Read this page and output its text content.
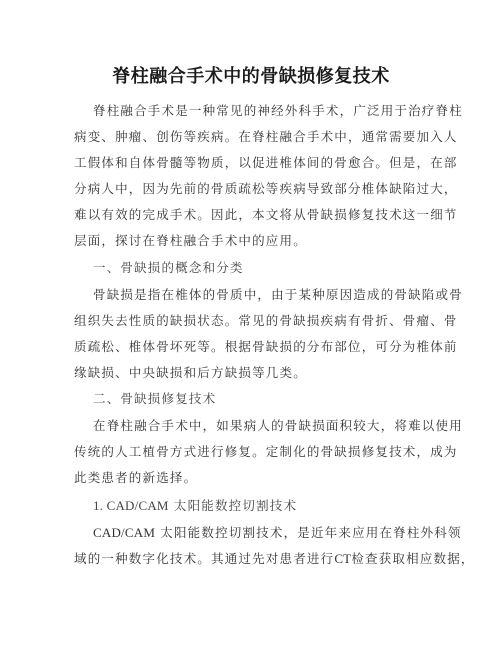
脊柱融合手术中的骨缺损修复技术
脊柱融合手术是一种常见的神经外科手术，广泛用于治疗脊柱
病变、肿瘤、创伤等疾病。在脊柱融合手术中，通常需要加入人
工假体和自体骨髓等物质，以促进椎体间的骨愈合。但是，在部
分病人中，因为先前的骨质疏松等疾病导致部分椎体缺陷过大，
难以有效的完成手术。因此，本文将从骨缺损修复技术这一细节
层面，探讨在脊柱融合手术中的应用。
一、骨缺损的概念和分类
骨缺损是指在椎体的骨质中，由于某种原因造成的骨缺陷或骨
组织失去性质的缺损状态。常见的骨缺损疾病有骨折、骨瘤、骨
质疏松、椎体骨坏死等。根据骨缺损的分布部位，可分为椎体前
缘缺损、中央缺损和后方缺损等几类。
二、骨缺损修复技术
在脊柱融合手术中，如果病人的骨缺损面积较大，将难以使用
传统的人工植骨方式进行修复。定制化的骨缺损修复技术，成为
此类患者的新选择。
1. CAD/CAM 太阳能数控切割技术
CAD/CAM 太阳能数控切割技术，是近年来应用在脊柱外科领
域的一种数字化技术。其通过先对患者进行CT检查获取相应数据，
